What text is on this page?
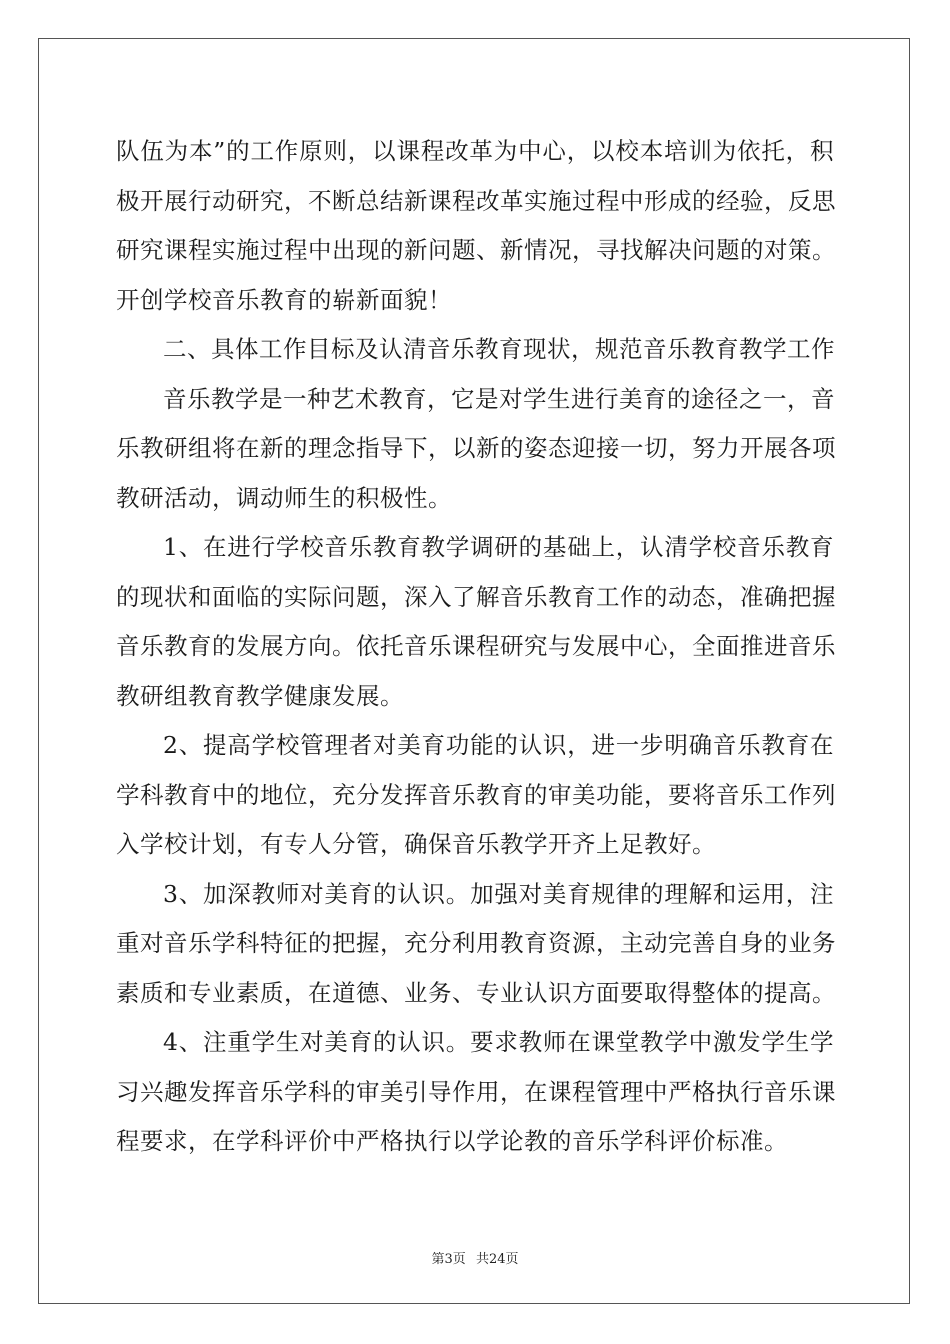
队伍为本”的工作原则，以课程改革为中心，以校本培训为依托，积
极开展行动研究，不断总结新课程改革实施过程中形成的经验，反思
研究课程实施过程中出现的新问题、新情况，寻找解决问题的对策。
开创学校音乐教育的崭新面貌！
二、具体工作目标及认清音乐教育现状，规范音乐教育教学工作
音乐教学是一种艺术教育，它是对学生进行美育的途径之一，音
乐教研组将在新的理念指导下，以新的姿态迎接一切，努力开展各项
教研活动，调动师生的积极性。
1、在进行学校音乐教育教学调研的基础上，认清学校音乐教育
的现状和面临的实际问题，深入了解音乐教育工作的动态，准确把握
音乐教育的发展方向。依托音乐课程研究与发展中心，全面推进音乐
教研组教育教学健康发展。
2、提高学校管理者对美育功能的认识，进一步明确音乐教育在
学科教育中的地位，充分发挥音乐教育的审美功能，要将音乐工作列
入学校计划，有专人分管，确保音乐教学开齐上足教好。
3、加深教师对美育的认识。加强对美育规律的理解和运用，注
重对音乐学科特征的把握，充分利用教育资源，主动完善自身的业务
素质和专业素质，在道德、业务、专业认识方面要取得整体的提高。
4、注重学生对美育的认识。要求教师在课堂教学中激发学生学
习兴趣发挥音乐学科的审美引导作用，在课程管理中严格执行音乐课
程要求，在学科评价中严格执行以学论教的音乐学科评价标准。
第3页 共24页
